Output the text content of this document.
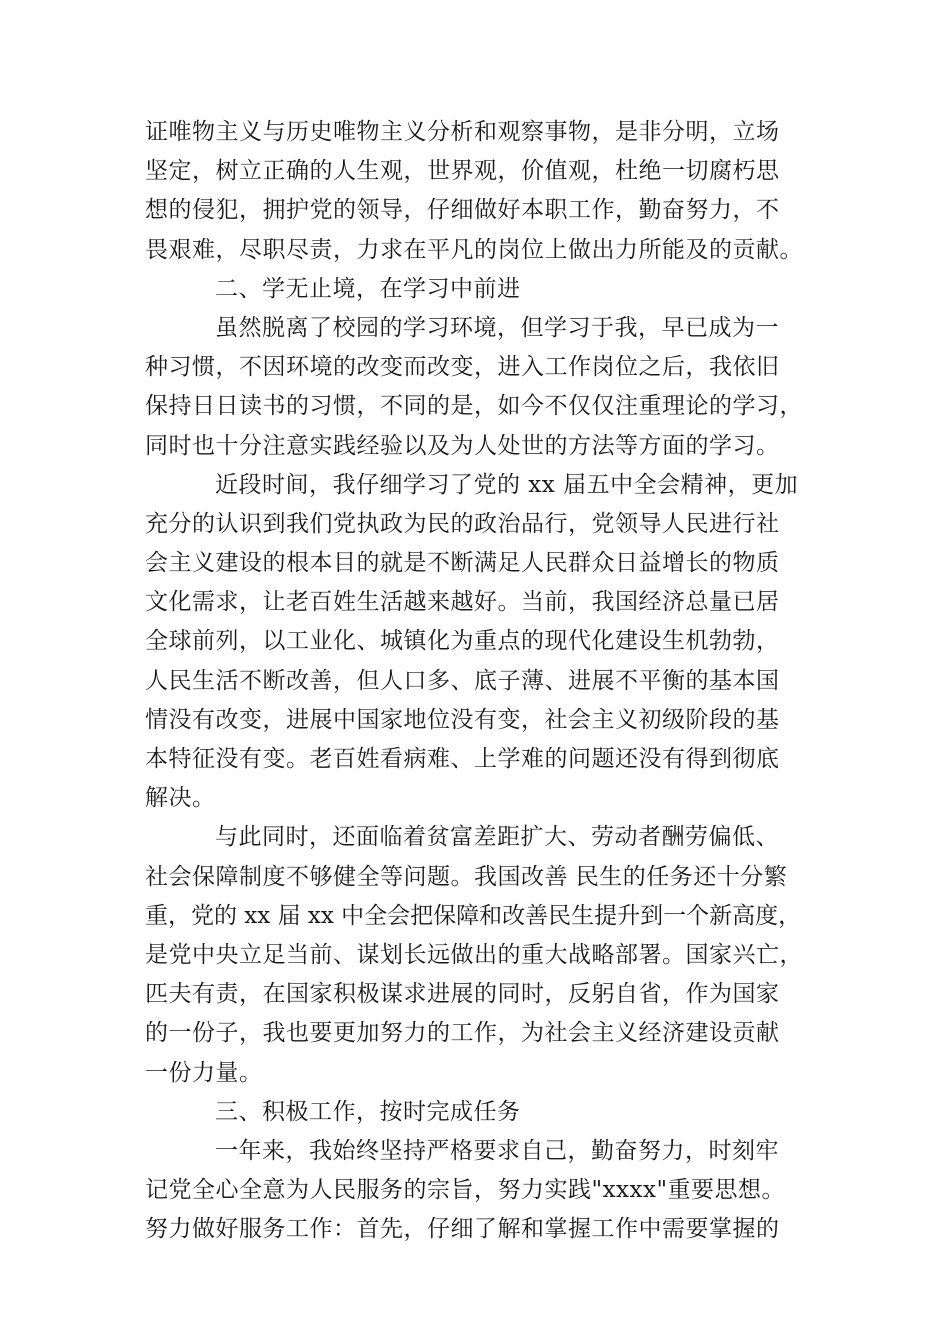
证唯物主义与历史唯物主义分析和观察事物，是非分明，立场
坚定，树立正确的人生观，世界观，价值观，杜绝一切腐朽思
想的侵犯，拥护党的领导，仔细做好本职工作，勤奋努力，不
畏艰难，尽职尽责，力求在平凡的岗位上做出力所能及的贡献。
二、学无止境，在学习中前进
虽然脱离了校园的学习环境，但学习于我，早已成为一
种习惯，不因环境的改变而改变，进入工作岗位之后，我依旧
保持日日读书的习惯，不同的是，如今不仅仅注重理论的学习，
同时也十分注意实践经验以及为人处世的方法等方面的学习。
近段时间，我仔细学习了党的 xx 届五中全会精神，更加
充分的认识到我们党执政为民的政治品行，党领导人民进行社
会主义建设的根本目的就是不断满足人民群众日益增长的物质
文化需求，让老百姓生活越来越好。当前，我国经济总量已居
全球前列，以工业化、城镇化为重点的现代化建设生机勃勃，
人民生活不断改善，但人口多、底子薄、进展不平衡的基本国
情没有改变，进展中国家地位没有变，社会主义初级阶段的基
本特征没有变。老百姓看病难、上学难的问题还没有得到彻底
解决。
与此同时，还面临着贫富差距扩大、劳动者酬劳偏低、
社会保障制度不够健全等问题。我国改善 民生的任务还十分繁
重，党的 xx 届 xx 中全会把保障和改善民生提升到一个新高度，
是党中央立足当前、谋划长远做出的重大战略部署。国家兴亡，
匹夫有责，在国家积极谋求进展的同时，反躬自省，作为国家
的一份子，我也要更加努力的工作，为社会主义经济建设贡献
一份力量。
三、积极工作，按时完成任务
一年来，我始终坚持严格要求自己，勤奋努力，时刻牢
记党全心全意为人民服务的宗旨，努力实践"xxxx"重要思想。
努力做好服务工作：首先，仔细了解和掌握工作中需要掌握的
